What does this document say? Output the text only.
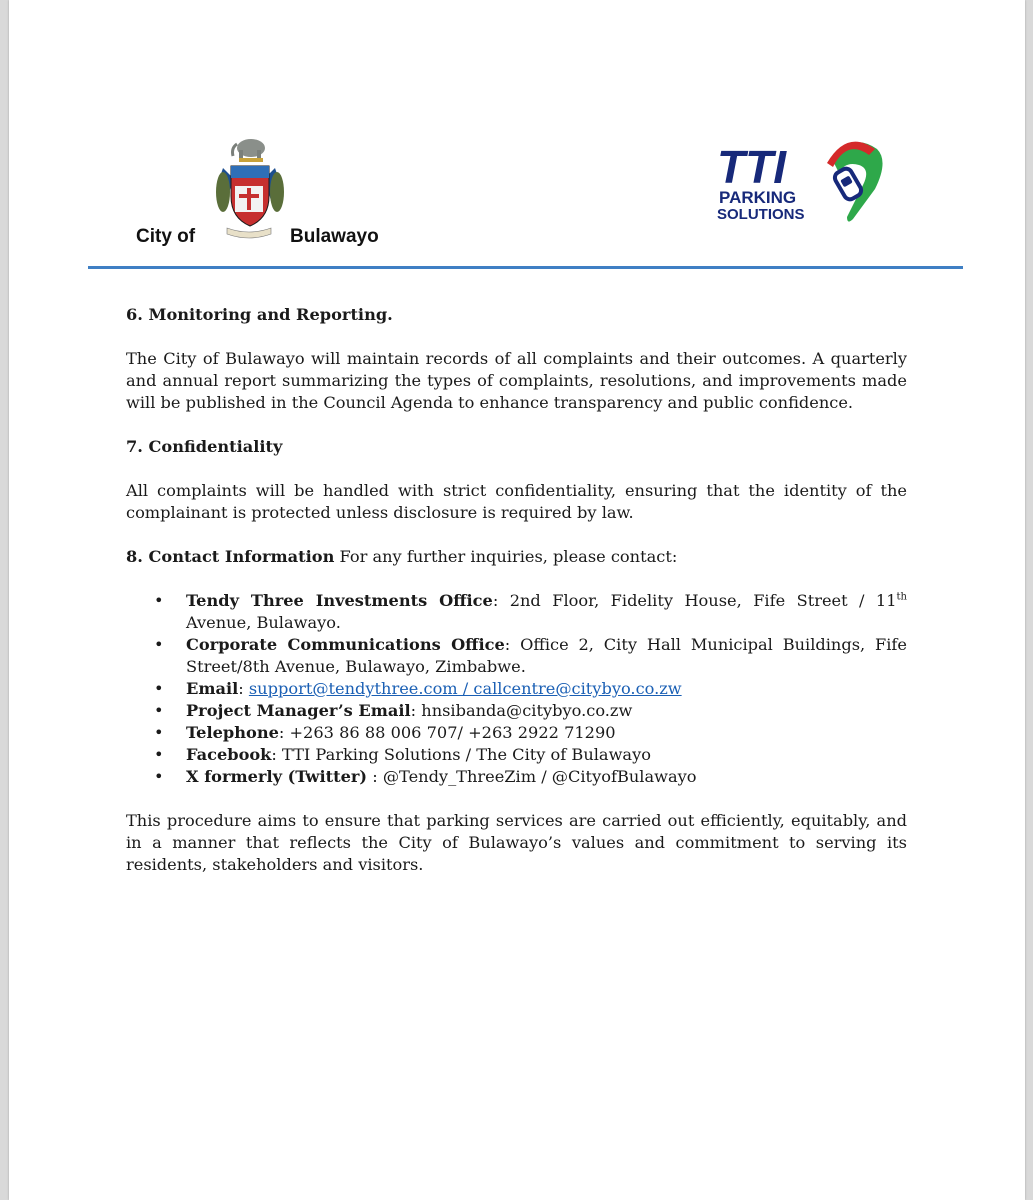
City of	Bulawayo
TTI
PARKING
SOLUTIONS
6. Monitoring and Reporting.

The City of Bulawayo will maintain records of all complaints and their outcomes. A quarterly and annual report summarizing the types of complaints, resolutions, and improvements made will be published in the Council Agenda to enhance transparency and public confidence.

7. Confidentiality

All complaints will be handled with strict confidentiality, ensuring that the identity of the complainant is protected unless disclosure is required by law.

8. Contact Information For any further inquiries, please contact:
• Tendy Three Investments Office: 2nd Floor, Fidelity House, Fife Street / 11th Avenue, Bulawayo.
• Corporate Communications Office: Office 2, City Hall Municipal Buildings, Fife Street/8th Avenue, Bulawayo, Zimbabwe.
• Email: support@tendythree.com / callcentre@citybyo.co.zw
• Project Manager’s Email: hnsibanda@citybyo.co.zw
• Telephone: +263 86 88 006 707/ +263 2922 71290
• Facebook: TTI Parking Solutions / The City of Bulawayo
• X formerly (Twitter) : @Tendy_ThreeZim / @CityofBulawayo

This procedure aims to ensure that parking services are carried out efficiently, equitably, and in a manner that reflects the City of Bulawayo’s values and commitment to serving its residents, stakeholders and visitors.
